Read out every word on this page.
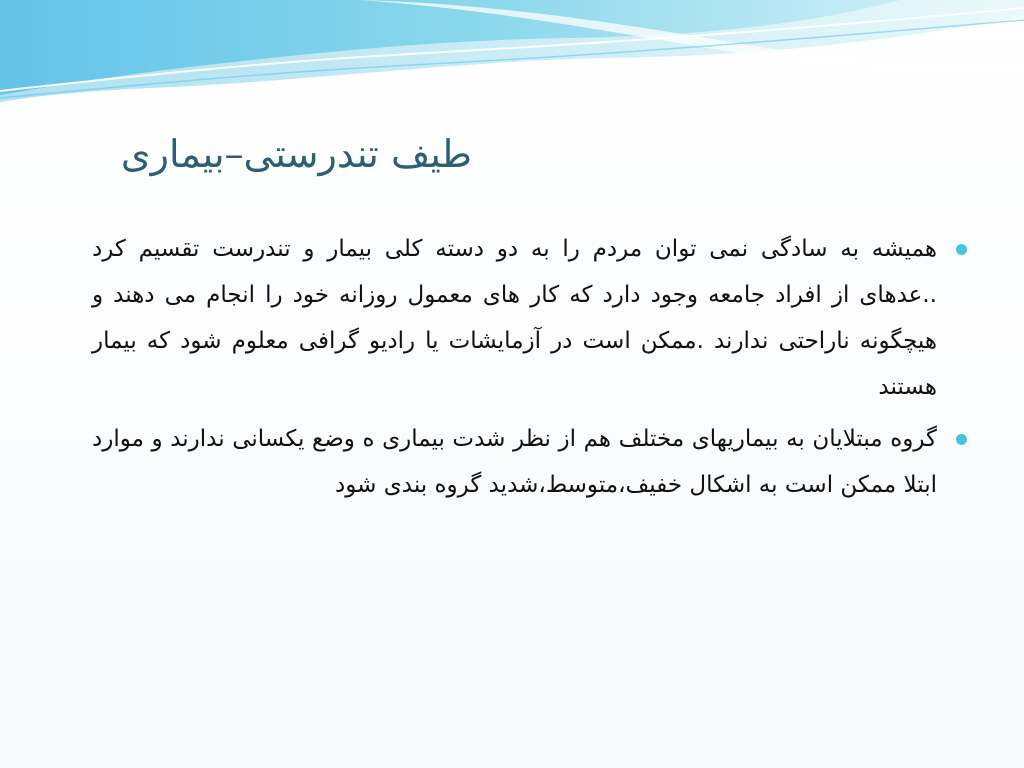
طیف تندرستی–بیماری
همیشه به سادگی نمی توان مردم را به دو دسته کلی بیمار و تندرست تقسیم کرد ..عدهای از افراد جامعه وجود دارد که کار های معمول روزانه خود را انجام می دهند و هیچگونه ناراحتی ندارند .ممکن است در آزمایشات یا رادیو گرافی معلوم شود که بیمار هستند
گروه مبتلایان به بیماریهای مختلف هم از نظر شدت بیماری ه وضع یکسانی ندارند و موارد ابتلا ممکن است به اشکال خفیف،متوسط،شدید گروه بندی شود
